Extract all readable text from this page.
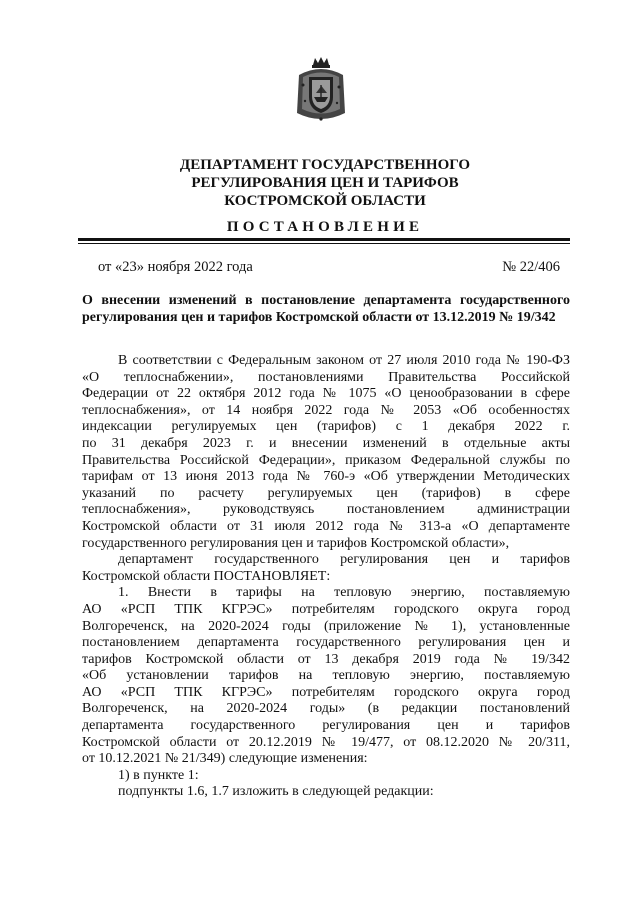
ДЕПАРТАМЕНТ ГОСУДАРСТВЕННОГО
РЕГУЛИРОВАНИЯ ЦЕН И ТАРИФОВ
КОСТРОМСКОЙ ОБЛАСТИ
ПОСТАНОВЛЕНИЕ
от «23» ноября 2022 года	№ 22/406
О внесении изменений в постановление департамента государственного
регулирования цен и тарифов Костромской области от 13.12.2019 № 19/342
В соответствии с Федеральным законом от 27 июля 2010 года № 190-ФЗ
«О теплоснабжении», постановлениями Правительства Российской
Федерации от 22 октября 2012 года № 1075 «О ценообразовании в сфере
теплоснабжения», от 14 ноября 2022 года № 2053 «Об особенностях
индексации регулируемых цен (тарифов) с 1 декабря 2022 г.
по 31 декабря 2023 г. и внесении изменений в отдельные акты
Правительства Российской Федерации», приказом Федеральной службы по
тарифам от 13 июня 2013 года № 760-э «Об утверждении Методических
указаний по расчету регулируемых цен (тарифов) в сфере
теплоснабжения», руководствуясь постановлением администрации
Костромской области от 31 июля 2012 года № 313-а «О департаменте
государственного регулирования цен и тарифов Костромской области»,
департамент государственного регулирования цен и тарифов
Костромской области ПОСТАНОВЛЯЕТ:
1. Внести в тарифы на тепловую энергию, поставляемую
АО «РСП ТПК КГРЭС» потребителям городского округа город
Волгореченск, на 2020-2024 годы (приложение № 1), установленные
постановлением департамента государственного регулирования цен и
тарифов Костромской области от 13 декабря 2019 года № 19/342
«Об установлении тарифов на тепловую энергию, поставляемую
АО «РСП ТПК КГРЭС» потребителям городского округа город
Волгореченск, на 2020-2024 годы» (в редакции постановлений
департамента государственного регулирования цен и тарифов
Костромской области от 20.12.2019 № 19/477, от 08.12.2020 № 20/311,
от 10.12.2021 № 21/349) следующие изменения:
1) в пункте 1:
подпункты 1.6, 1.7 изложить в следующей редакции:
